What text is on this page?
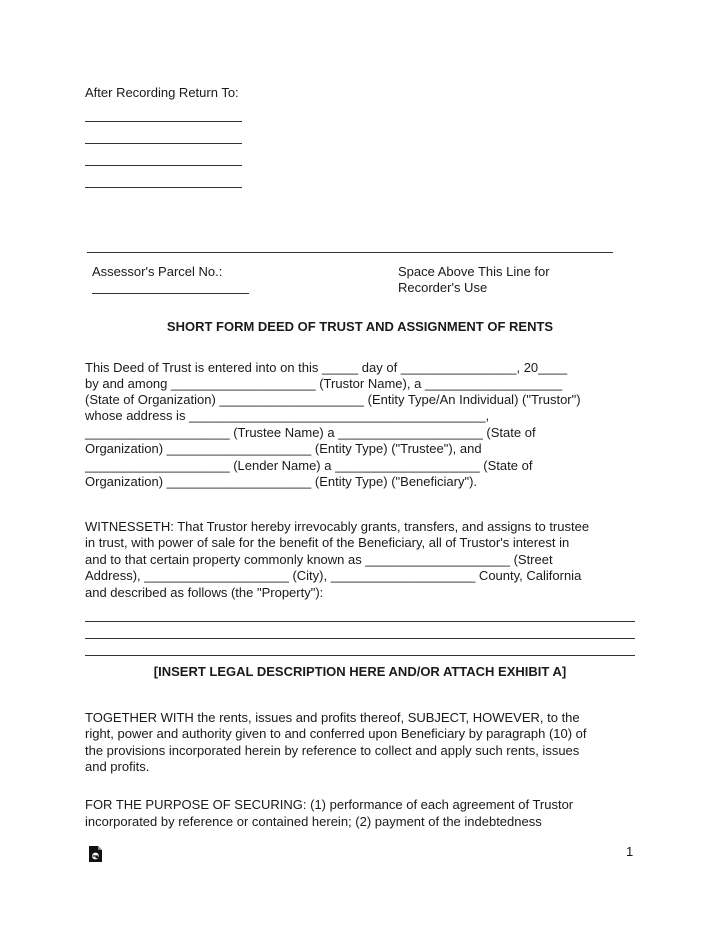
After Recording Return To:
Assessor's Parcel No.:	Space Above This Line for
Recorder's Use
SHORT FORM DEED OF TRUST AND ASSIGNMENT OF RENTS
This Deed of Trust is entered into on this _____ day of ________________, 20____
by and among ____________________ (Trustor Name), a ___________________
(State of Organization) ____________________ (Entity Type/An Individual) ("Trustor")
whose address is _________________________________________,
____________________ (Trustee Name) a ____________________ (State of
Organization) ____________________ (Entity Type) ("Trustee"), and
____________________ (Lender Name) a ____________________ (State of
Organization) ____________________ (Entity Type) ("Beneficiary").
WITNESSETH: That Trustor hereby irrevocably grants, transfers, and assigns to trustee
in trust, with power of sale for the benefit of the Beneficiary, all of Trustor's interest in
and to that certain property commonly known as ____________________ (Street
Address), ____________________ (City), ____________________ County, California
and described as follows (the "Property"):
[INSERT LEGAL DESCRIPTION HERE AND/OR ATTACH EXHIBIT A]
TOGETHER WITH the rents, issues and profits thereof, SUBJECT, HOWEVER, to the
right, power and authority given to and conferred upon Beneficiary by paragraph (10) of
the provisions incorporated herein by reference to collect and apply such rents, issues
and profits.
FOR THE PURPOSE OF SECURING: (1) performance of each agreement of Trustor
incorporated by reference or contained herein; (2) payment of the indebtedness
1
